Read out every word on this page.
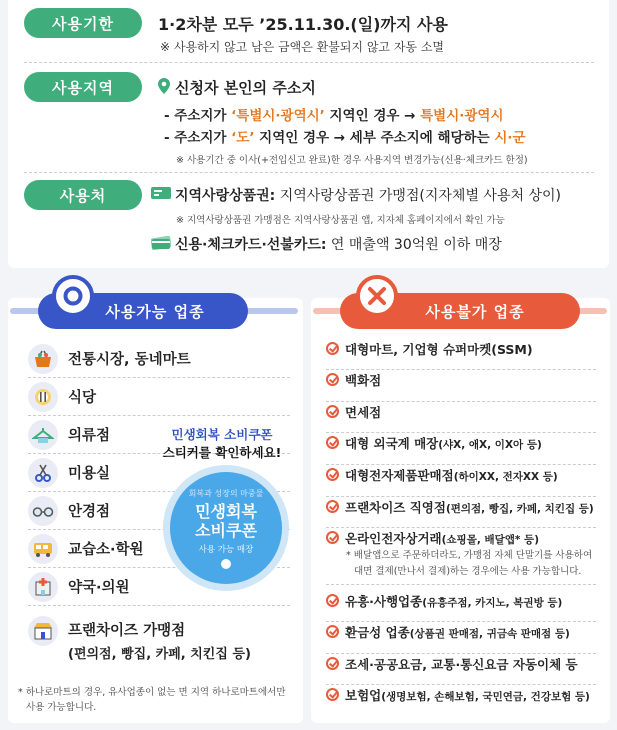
사용기한	1·2차분 모두 ’25.11.30.(일)까지 사용
※ 사용하지 않고 남은 금액은 환불되지 않고 자동 소멸
사용지역	신청자 본인의 주소지
- 주소지가 ‘특별시·광역시’ 지역인 경우 → 특별시·광역시
- 주소지가 ‘도’ 지역인 경우 → 세부 주소지에 해당하는 시·군
※ 사용기간 중 이사(+전입신고 완료)한 경우 사용지역 변경가능(신용·체크카드 한정)
사용처	지역사랑상품권: 지역사랑상품권 가맹점(지자체별 사용처 상이)
※ 지역사랑상품권 가맹점은 지역사랑상품권 앱, 지자체 홈페이지에서 확인 가능
신용·체크카드·선불카드: 연 매출액 30억원 이하 매장
사용가능 업종
전통시장, 동네마트
식당
의류점
미용실
안경점
교습소·학원
약국·의원
프랜차이즈 가맹점
(편의점, 빵집, 카페, 치킨집 등)
민생회복 소비쿠폰
스티커를 확인하세요!
회복과 성장의 마중물
민생회복
소비쿠폰
사용 가능 매장
* 하나로마트의 경우, 유사업종이 없는 면 지역 하나로마트에서만
사용 가능합니다.
사용불가 업종
대형마트, 기업형 슈퍼마켓(SSM)
백화점
면세점
대형 외국계 매장(샤X, 애X, 이X아 등)
대형전자제품판매점(하이XX, 전자XX 등)
프랜차이즈 직영점(편의점, 빵집, 카페, 치킨집 등)
온라인전자상거래(쇼핑몰, 배달앱* 등)
* 배달앱으로 주문하더라도, 가맹점 자체 단말기를 사용하여
대면 결제(만나서 결제)하는 경우에는 사용 가능합니다.
유흥·사행업종(유흥주점, 카지노, 복권방 등)
환금성 업종(상품권 판매점, 귀금속 판매점 등)
조세·공공요금, 교통·통신요금 자동이체 등
보험업(생명보험, 손해보험, 국민연금, 건강보험 등)
